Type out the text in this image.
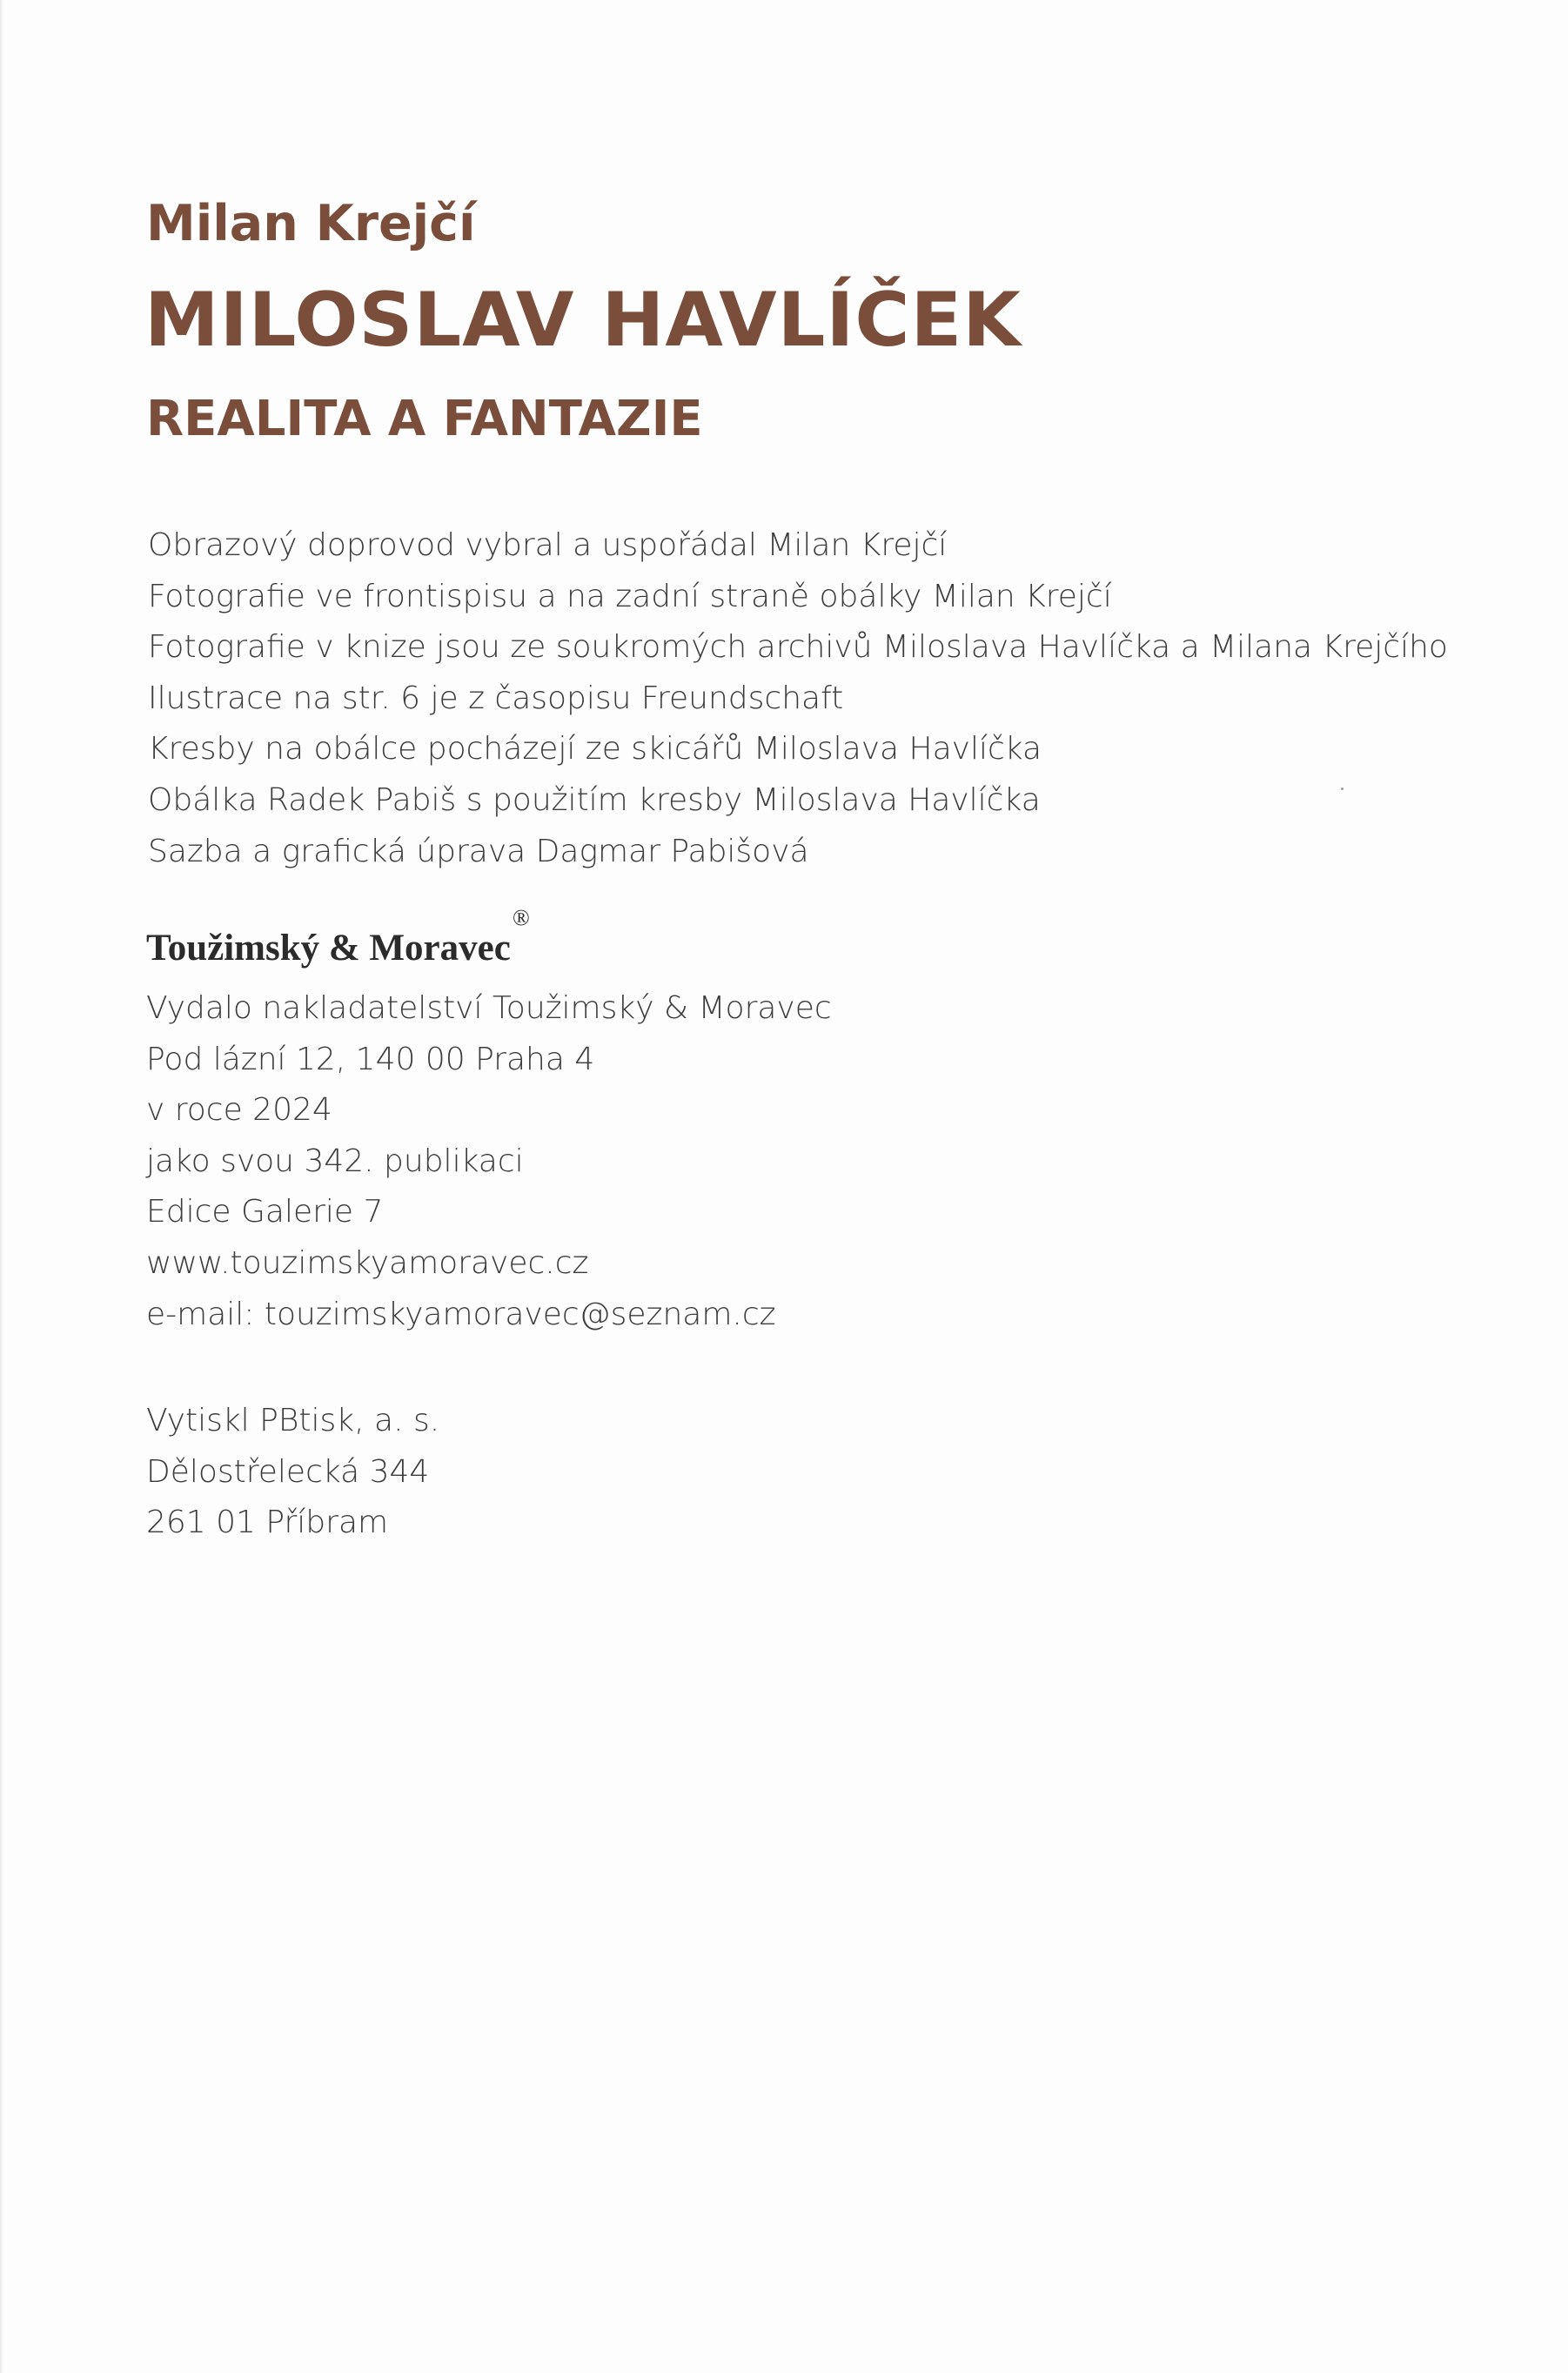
Milan Krejčí
MILOSLAV HAVLÍČEK
REALITA A FANTAZIE
Obrazový doprovod vybral a uspořádal Milan Krejčí
Fotografie ve frontispisu a na zadní straně obálky Milan Krejčí
Fotografie v knize jsou ze soukromých archivů Miloslava Havlíčka a Milana Krejčího
Ilustrace na str. 6 je z časopisu Freundschaft
Kresby na obálce pocházejí ze skicářů Miloslava Havlíčka
Obálka Radek Pabiš s použitím kresby Miloslava Havlíčka
Sazba a grafická úprava Dagmar Pabišová
Toužimský & Moravec
®
Vydalo nakladatelství Toužimský & Moravec
Pod lázní 12, 140 00 Praha 4
v roce 2024
jako svou 342. publikaci
Edice Galerie 7
www.touzimskyamoravec.cz
e-mail: touzimskyamoravec@seznam.cz
Vytiskl PBtisk, a. s.
Dělostřelecká 344
261 01 Příbram
